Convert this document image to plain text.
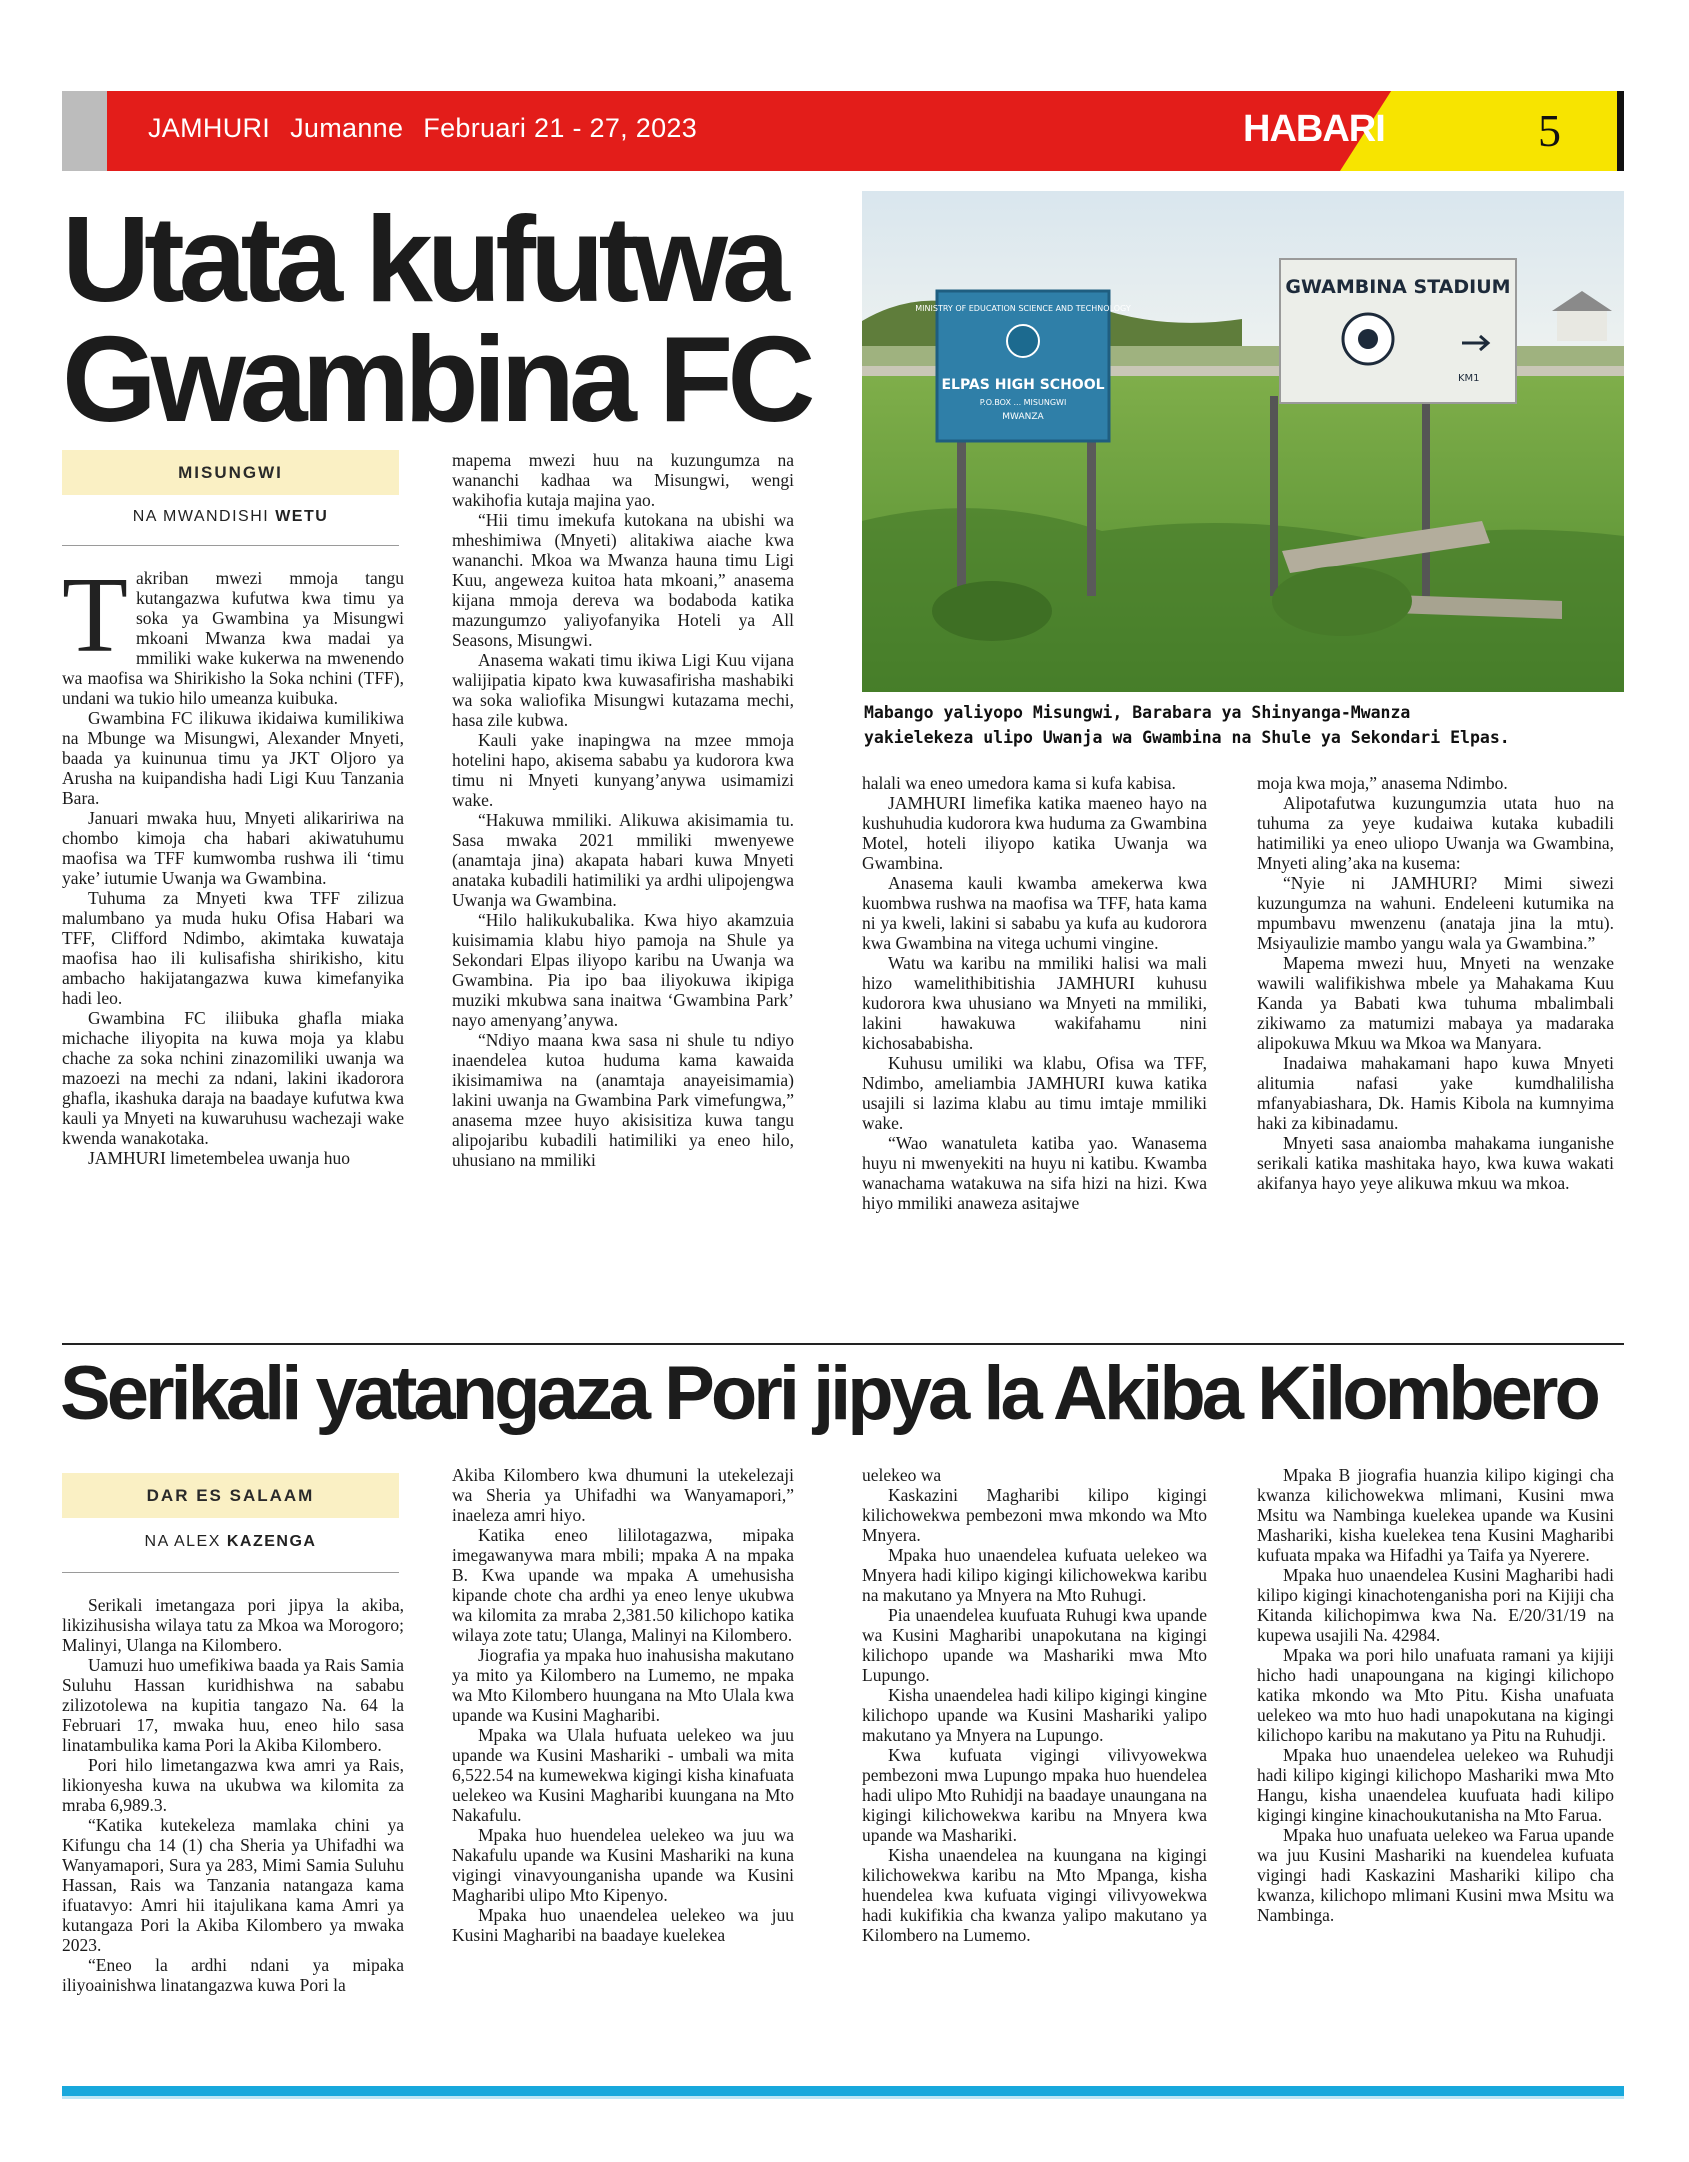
JAMHURI Jumanne Februari 21 - 27, 2023	HABARI	5
Utata kufutwa
Gwambina FC
MISUNGWI
NA MWANDISHI WETU

Takriban mwezi mmoja tangu kutangazwa kufutwa kwa timu ya soka ya Gwambina ya Misungwi mkoani Mwanza kwa madai ya mmiliki wake kukerwa na mwenendo wa maofisa wa Shirikisho la Soka nchini (TFF), undani wa tukio hilo umeanza kuibuka.

Gwambina FC ilikuwa ikidaiwa kumilikiwa na Mbunge wa Misungwi, Alexander Mnyeti, baada ya kuinunua timu ya JKT Oljoro ya Arusha na kuipandisha hadi Ligi Kuu Tanzania Bara.

Januari mwaka huu, Mnyeti alikaririwa na chombo kimoja cha habari akiwatuhumu maofisa wa TFF kumwomba rushwa ili ‘timu yake’ iutumie Uwanja wa Gwambina.

Tuhuma za Mnyeti kwa TFF zilizua malumbano ya muda huku Ofisa Habari wa TFF, Clifford Ndimbo, akimtaka kuwataja maofisa hao ili kulisafisha shirikisho, kitu ambacho hakijatangazwa kuwa kimefanyika hadi leo.

Gwambina FC iliibuka ghafla miaka michache iliyopita na kuwa moja ya klabu chache za soka nchini zinazomiliki uwanja wa mazoezi na mechi za ndani, lakini ikadorora ghafla, ikashuka daraja na baadaye kufutwa kwa kauli ya Mnyeti na kuwaruhusu wachezaji wake kwenda wanakotaka.

JAMHURI limetembelea uwanja huo

mapema mwezi huu na kuzungumza na wananchi kadhaa wa Misungwi, wengi wakihofia kutaja majina yao.

“Hii timu imekufa kutokana na ubishi wa mheshimiwa (Mnyeti) alitakiwa aiache kwa wananchi. Mkoa wa Mwanza hauna timu Ligi Kuu, angeweza kuitoa hata mkoani,” anasema kijana mmoja dereva wa bodaboda katika mazungumzo yaliyofanyika Hoteli ya All Seasons, Misungwi.

Anasema wakati timu ikiwa Ligi Kuu vijana walijipatia kipato kwa kuwasafirisha mashabiki wa soka waliofika Misungwi kutazama mechi, hasa zile kubwa.

Kauli yake inapingwa na mzee mmoja hotelini hapo, akisema sababu ya kudorora kwa timu ni Mnyeti kunyang’anywa usimamizi wake.

“Hakuwa mmiliki. Alikuwa akisimamia tu. Sasa mwaka 2021 mmiliki mwenyewe (anamtaja jina) akapata habari kuwa Mnyeti anataka kubadili hatimiliki ya ardhi ulipojengwa Uwanja wa Gwambina.

“Hilo halikukubalika. Kwa hiyo akamzuia kuisimamia klabu hiyo pamoja na Shule ya Sekondari Elpas iliyopo karibu na Uwanja wa Gwambina. Pia ipo baa iliyokuwa ikipiga muziki mkubwa sana inaitwa ‘Gwambina Park’ nayo amenyang’anywa.

“Ndiyo maana kwa sasa ni shule tu ndiyo inaendelea kutoa huduma kama kawaida ikisimamiwa na (anamtaja anayeisimamia) lakini uwanja na Gwambina Park vimefungwa,” anasema mzee huyo akisisitiza kuwa tangu alipojaribu kubadili hatimiliki ya eneo hilo, uhusiano na mmiliki

MINISTRY OF EDUCATION SCIENCE AND TECHNOLOGY
ELPAS HIGH SCHOOL
P.O.BOX ... MISUNGWI
MWANZA
GWAMBINA STADIUM
KM1
Mabango yaliyopo Misungwi, Barabara ya Shinyanga-Mwanza
yakielekeza ulipo Uwanja wa Gwambina na Shule ya Sekondari Elpas.

halali wa eneo umedora kama si kufa kabisa.

JAMHURI limefika katika maeneo hayo na kushuhudia kudorora kwa huduma za Gwambina Motel, hoteli iliyopo katika Uwanja wa Gwambina.

Anasema kauli kwamba amekerwa kwa kuombwa rushwa na maofisa wa TFF, hata kama ni ya kweli, lakini si sababu ya kufa au kudorora kwa Gwambina na vitega uchumi vingine.

Watu wa karibu na mmiliki halisi wa mali hizo wamelithibitishia JAMHURI kuhusu kudorora kwa uhusiano wa Mnyeti na mmiliki, lakini hawakuwa wakifahamu nini kichosababisha.

Kuhusu umiliki wa klabu, Ofisa wa TFF, Ndimbo, ameliambia JAMHURI kuwa katika usajili si lazima klabu au timu imtaje mmiliki wake.

“Wao wanatuleta katiba yao. Wanasema huyu ni mwenyekiti na huyu ni katibu. Kwamba wanachama watakuwa na sifa hizi na hizi. Kwa hiyo mmiliki anaweza asitajwe

moja kwa moja,” anasema Ndimbo.

Alipotafutwa kuzungumzia utata huo na tuhuma za yeye kudaiwa kutaka kubadili hatimiliki ya eneo uliopo Uwanja wa Gwambina, Mnyeti aling’aka na kusema:

“Nyie ni JAMHURI? Mimi siwezi kuzungumza na wahuni. Endeleeni kutumika na mpumbavu mwenzenu (anataja jina la mtu). Msiyaulizie mambo yangu wala ya Gwambina.”

Mapema mwezi huu, Mnyeti na wenzake wawili walifikishwa mbele ya Mahakama Kuu Kanda ya Babati kwa tuhuma mbalimbali zikiwamo za matumizi mabaya ya madaraka alipokuwa Mkuu wa Mkoa wa Manyara.

Inadaiwa mahakamani hapo kuwa Mnyeti alitumia nafasi yake kumdhalilisha mfanyabiashara, Dk. Hamis Kibola na kumnyima haki za kibinadamu.

Mnyeti sasa anaiomba mahakama iunganishe serikali katika mashitaka hayo, kwa kuwa wakati akifanya hayo yeye alikuwa mkuu wa mkoa.

Serikali yatangaza Pori jipya la Akiba Kilombero
DAR ES SALAAM
NA ALEX KAZENGA

Serikali imetangaza pori jipya la akiba, likizihusisha wilaya tatu za Mkoa wa Morogoro; Malinyi, Ulanga na Kilombero.

Uamuzi huo umefikiwa baada ya Rais Samia Suluhu Hassan kuridhishwa na sababu zilizotolewa na kupitia tangazo Na. 64 la Februari 17, mwaka huu, eneo hilo sasa linatambulika kama Pori la Akiba Kilombero.

Pori hilo limetangazwa kwa amri ya Rais, likionyesha kuwa na ukubwa wa kilomita za mraba 6,989.3.

“Katika kutekeleza mamlaka chini ya Kifungu cha 14 (1) cha Sheria ya Uhifadhi wa Wanyamapori, Sura ya 283, Mimi Samia Suluhu Hassan, Rais wa Tanzania natangaza kama ifuatavyo: Amri hii itajulikana kama Amri ya kutangaza Pori la Akiba Kilombero ya mwaka 2023.

“Eneo la ardhi ndani ya mipaka iliyoainishwa linatangazwa kuwa Pori la

Akiba Kilombero kwa dhumuni la utekelezaji wa Sheria ya Uhifadhi wa Wanyamapori,” inaeleza amri hiyo.

Katika eneo lililotagazwa, mipaka imegawanywa mara mbili; mpaka A na mpaka B. Kwa upande wa mpaka A umehusisha kipande chote cha ardhi ya eneo lenye ukubwa wa kilomita za mraba 2,381.50 kilichopo katika wilaya zote tatu; Ulanga, Malinyi na Kilombero.

Jiografia ya mpaka huo inahusisha makutano ya mito ya Kilombero na Lumemo, ne mpaka wa Mto Kilombero huungana na Mto Ulala kwa upande wa Kusini Magharibi.

Mpaka wa Ulala hufuata uelekeo wa juu upande wa Kusini Mashariki - umbali wa mita 6,522.54 na kumewekwa kigingi kisha kinafuata uelekeo wa Kusini Magharibi kuungana na Mto Nakafulu.

Mpaka huo huendelea uelekeo wa juu wa Nakafulu upande wa Kusini Mashariki na kuna vigingi vinavyounganisha upande wa Kusini Magharibi ulipo Mto Kipenyo.

Mpaka huo unaendelea uelekeo wa juu Kusini Magharibi na baadaye kuelekea

uelekeo wa

Kaskazini Magharibi kilipo kigingi kilichowekwa pembezoni mwa mkondo wa Mto Mnyera.

Mpaka huo unaendelea kufuata uelekeo wa Mnyera hadi kilipo kigingi kilichowekwa karibu na makutano ya Mnyera na Mto Ruhugi.

Pia unaendelea kuufuata Ruhugi kwa upande wa Kusini Magharibi unapokutana na kigingi kilichopo upande wa Mashariki mwa Mto Lupungo.

Kisha unaendelea hadi kilipo kigingi kingine kilichopo upande wa Kusini Mashariki yalipo makutano ya Mnyera na Lupungo.

Kwa kufuata vigingi vilivyowekwa pembezoni mwa Lupungo mpaka huo huendelea hadi ulipo Mto Ruhidji na baadaye unaungana na kigingi kilichowekwa karibu na Mnyera kwa upande wa Mashariki.

Kisha unaendelea na kuungana na kigingi kilichowekwa karibu na Mto Mpanga, kisha huendelea kwa kufuata vigingi vilivyowekwa hadi kukifikia cha kwanza yalipo makutano ya Kilombero na Lumemo.

Mpaka B jiografia huanzia kilipo kigingi cha kwanza kilichowekwa mlimani, Kusini mwa Msitu wa Nambinga kuelekea upande wa Kusini Mashariki, kisha kuelekea tena Kusini Magharibi kufuata mpaka wa Hifadhi ya Taifa ya Nyerere.

Mpaka huo unaendelea Kusini Magharibi hadi kilipo kigingi kinachotenganisha pori na Kijiji cha Kitanda kilichopimwa kwa Na. E/20/31/19 na kupewa usajili Na. 42984.

Mpaka wa pori hilo unafuata ramani ya kijiji hicho hadi unapoungana na kigingi kilichopo katika mkondo wa Mto Pitu. Kisha unafuata uelekeo wa mto huo hadi unapokutana na kigingi kilichopo karibu na makutano ya Pitu na Ruhudji.

Mpaka huo unaendelea uelekeo wa Ruhudji hadi kilipo kigingi kilichopo Mashariki mwa Mto Hangu, kisha unaendelea kuufuata hadi kilipo kigingi kingine kinachoukutanisha na Mto Farua.

Mpaka huo unafuata uelekeo wa Farua upande wa juu Kusini Mashariki na kuendelea kufuata vigingi hadi Kaskazini Mashariki kilipo cha kwanza, kilichopo mlimani Kusini mwa Msitu wa Nambinga.
